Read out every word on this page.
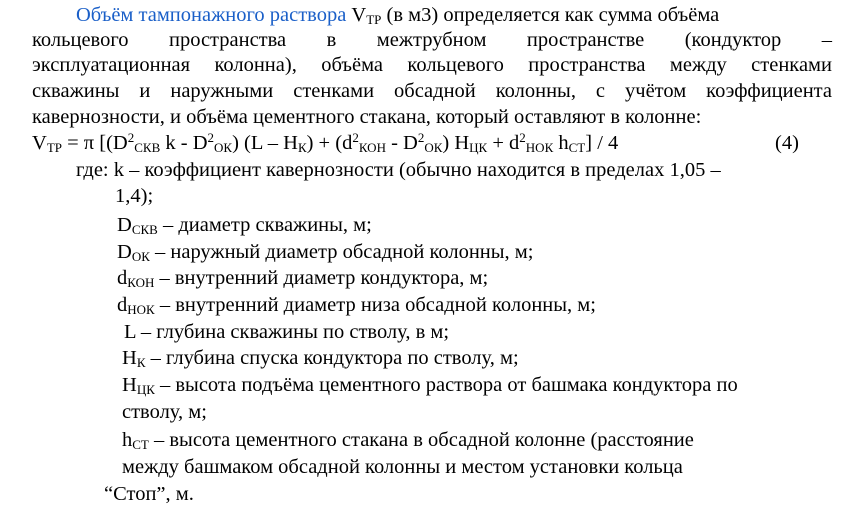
Объём тампонажного раствора $V_{ТР}$ (в м3) определяется как сумма объёма
кольцевого пространства в межтрубном пространстве (кондуктор –
эксплуатационная колонна), объёма кольцевого пространства между стенками
скважины и наружными стенками обсадной колонны, с учётом коэффициента
кавернозности, и объёма цементного стакана, который оставляют в колонне:
$V_{ТР} = \pi$ [($D^2_{СКВ}$ k - $D^2_{ОК}$) $(L - H_К) + (d^2_{КОН} - D^2_{ОК})$ $H_{ЦК} + d^2_{НОК}$ $h_{СТ}] / 4$	(4)
где: k – коэффициент кавернозности (обычно находится в пределах 1,05 –
1,4);
$D_{СКВ}$ – диаметр скважины, м;
$D_{ОК}$ – наружный диаметр обсадной колонны, м;
$d_{КОН}$ – внутренний диаметр кондуктора, м;
$d_{НОК}$ – внутренний диаметр низа обсадной колонны, м;
L – глубина скважины по стволу, в м;
$H_К$ – глубина спуска кондуктора по стволу, м;
$H_{ЦК}$ – высота подъёма цементного раствора от башмака кондуктора по
стволу, м;
$h_{СТ}$ – высота цементного стакана в обсадной колонне (расстояние
между башмаком обсадной колонны и местом установки кольца
“Стоп”, м.
